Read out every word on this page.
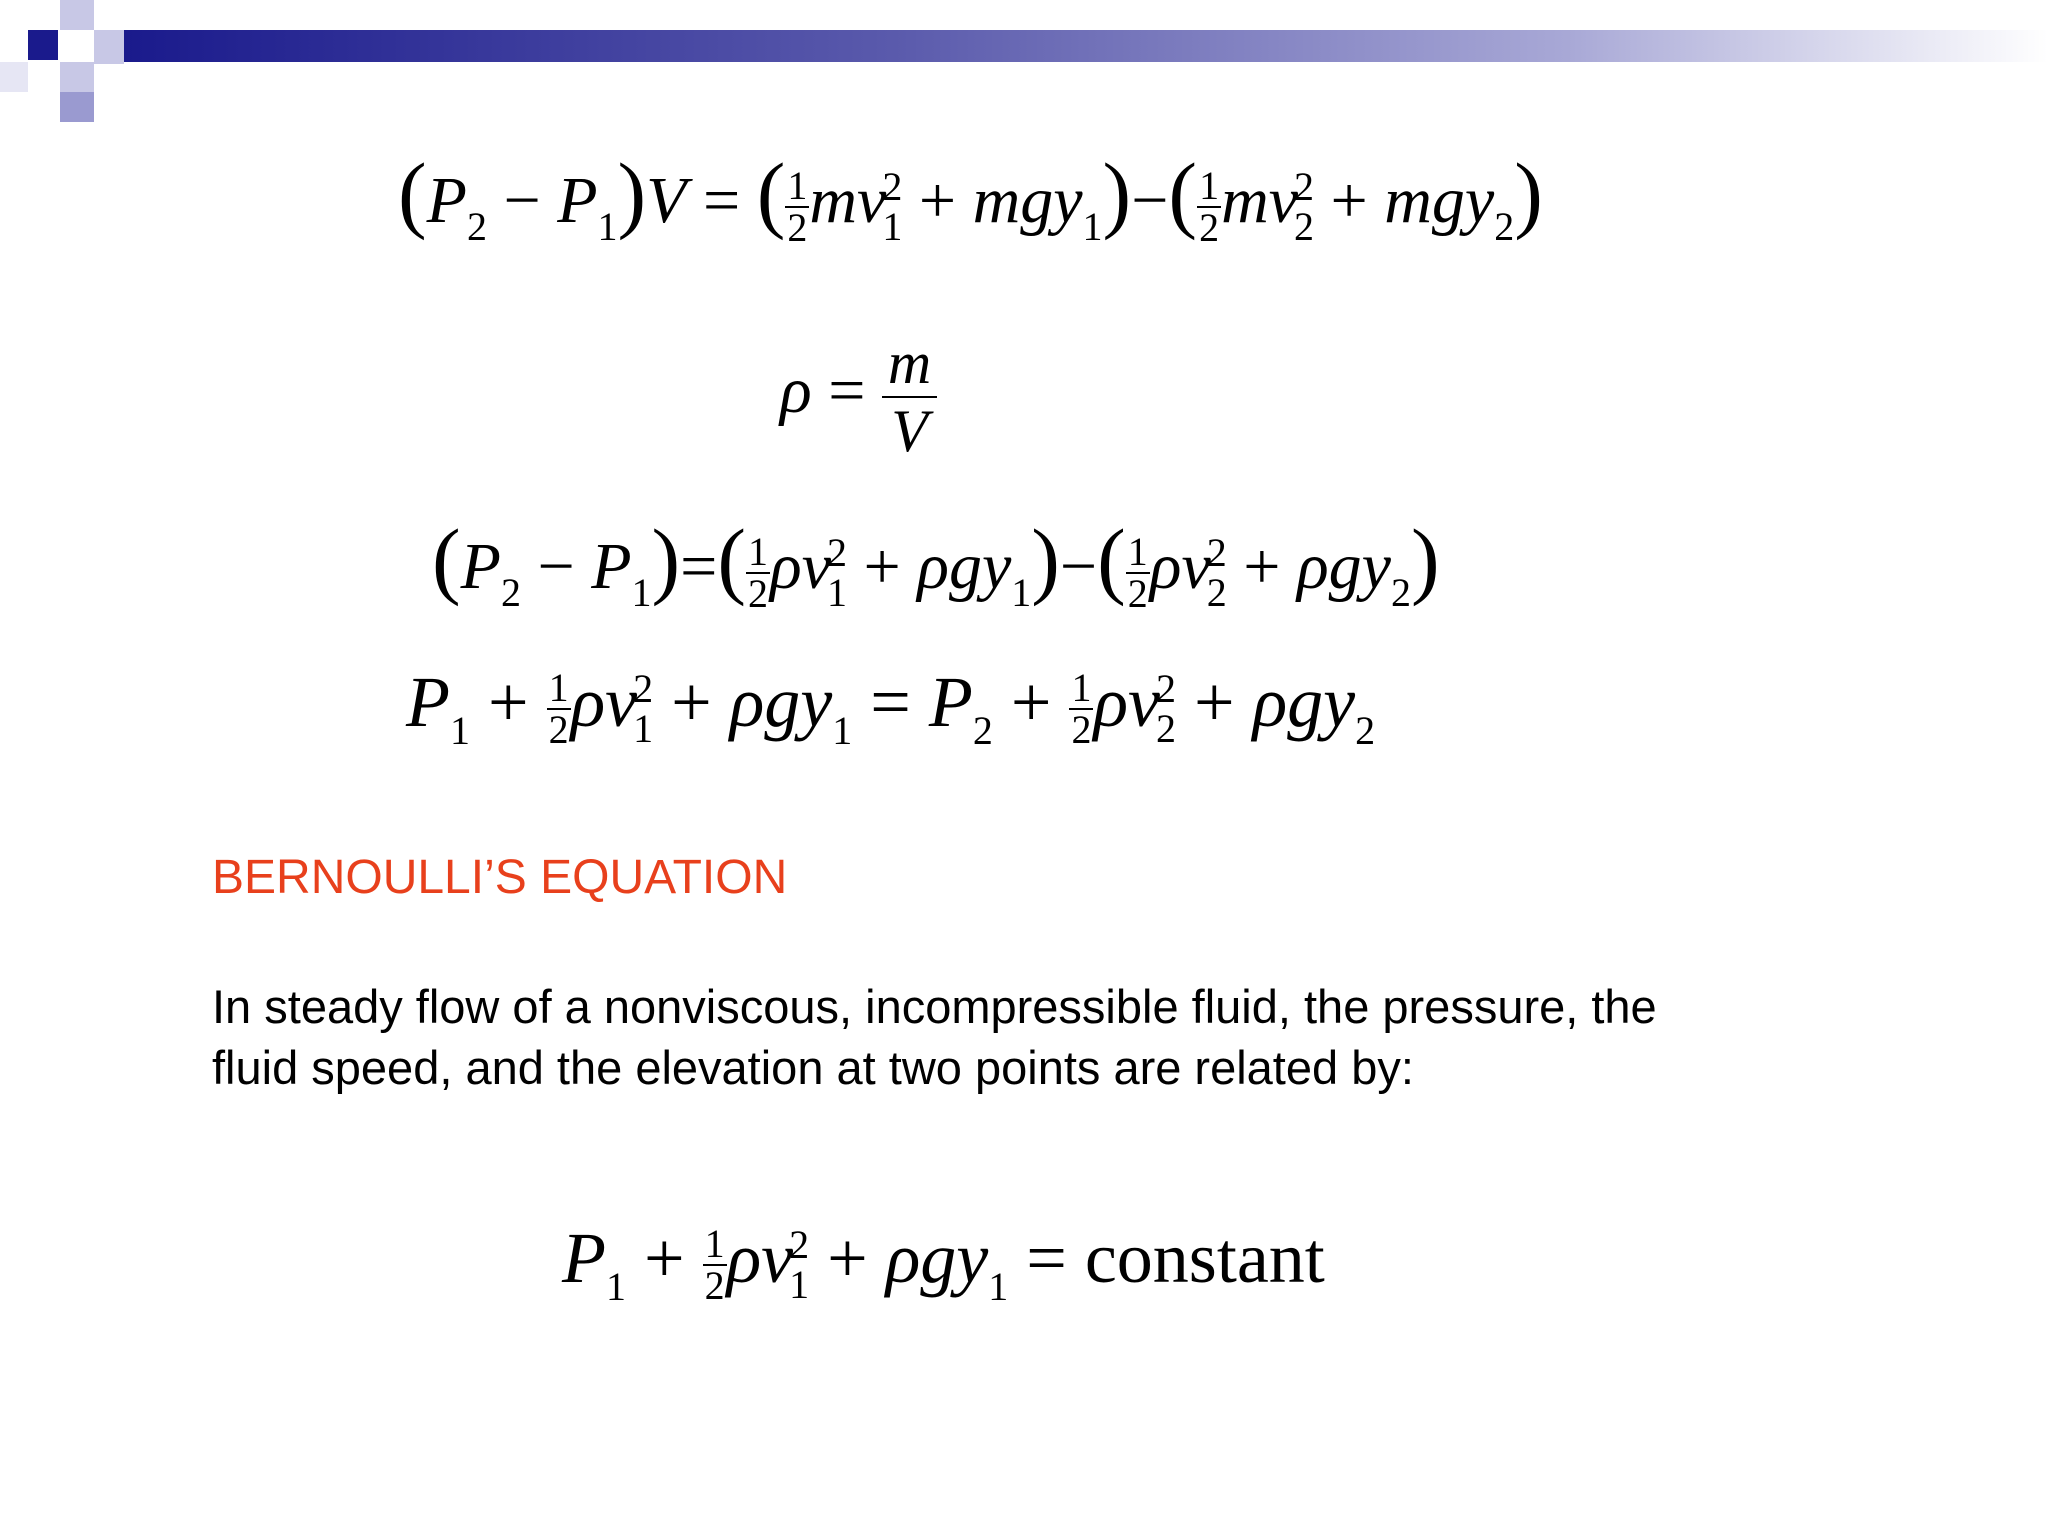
$(P_2 - P_1)V$ = ( $\frac{1}{2}$ mv
2
$1 + mgy_1)-( \frac{1}{2}$ mv
2
2 + mgy$_2$)
$\rho = \frac{m}{V}$
$(P_2 - P_1)=( \frac{1}{2}$ ρv
2
$1 + \rho gy_1)-( \frac{1}{2}$ ρv
2
2 + ρgy$_2$)
$P_1 + \frac{1}{2}$ ρv
2
$1 + \rho gy_1 = P_2 + \frac{1}{2}$ ρv
2
2 + ρgy$_2$
BERNOULLI’S EQUATION
In steady flow of a nonviscous, incompressible fluid, the pressure, the
fluid speed, and the elevation at two points are related by:
$P_1 + \frac{1}{2}$ ρv
2
1 + ρgy$_1$ = constant
